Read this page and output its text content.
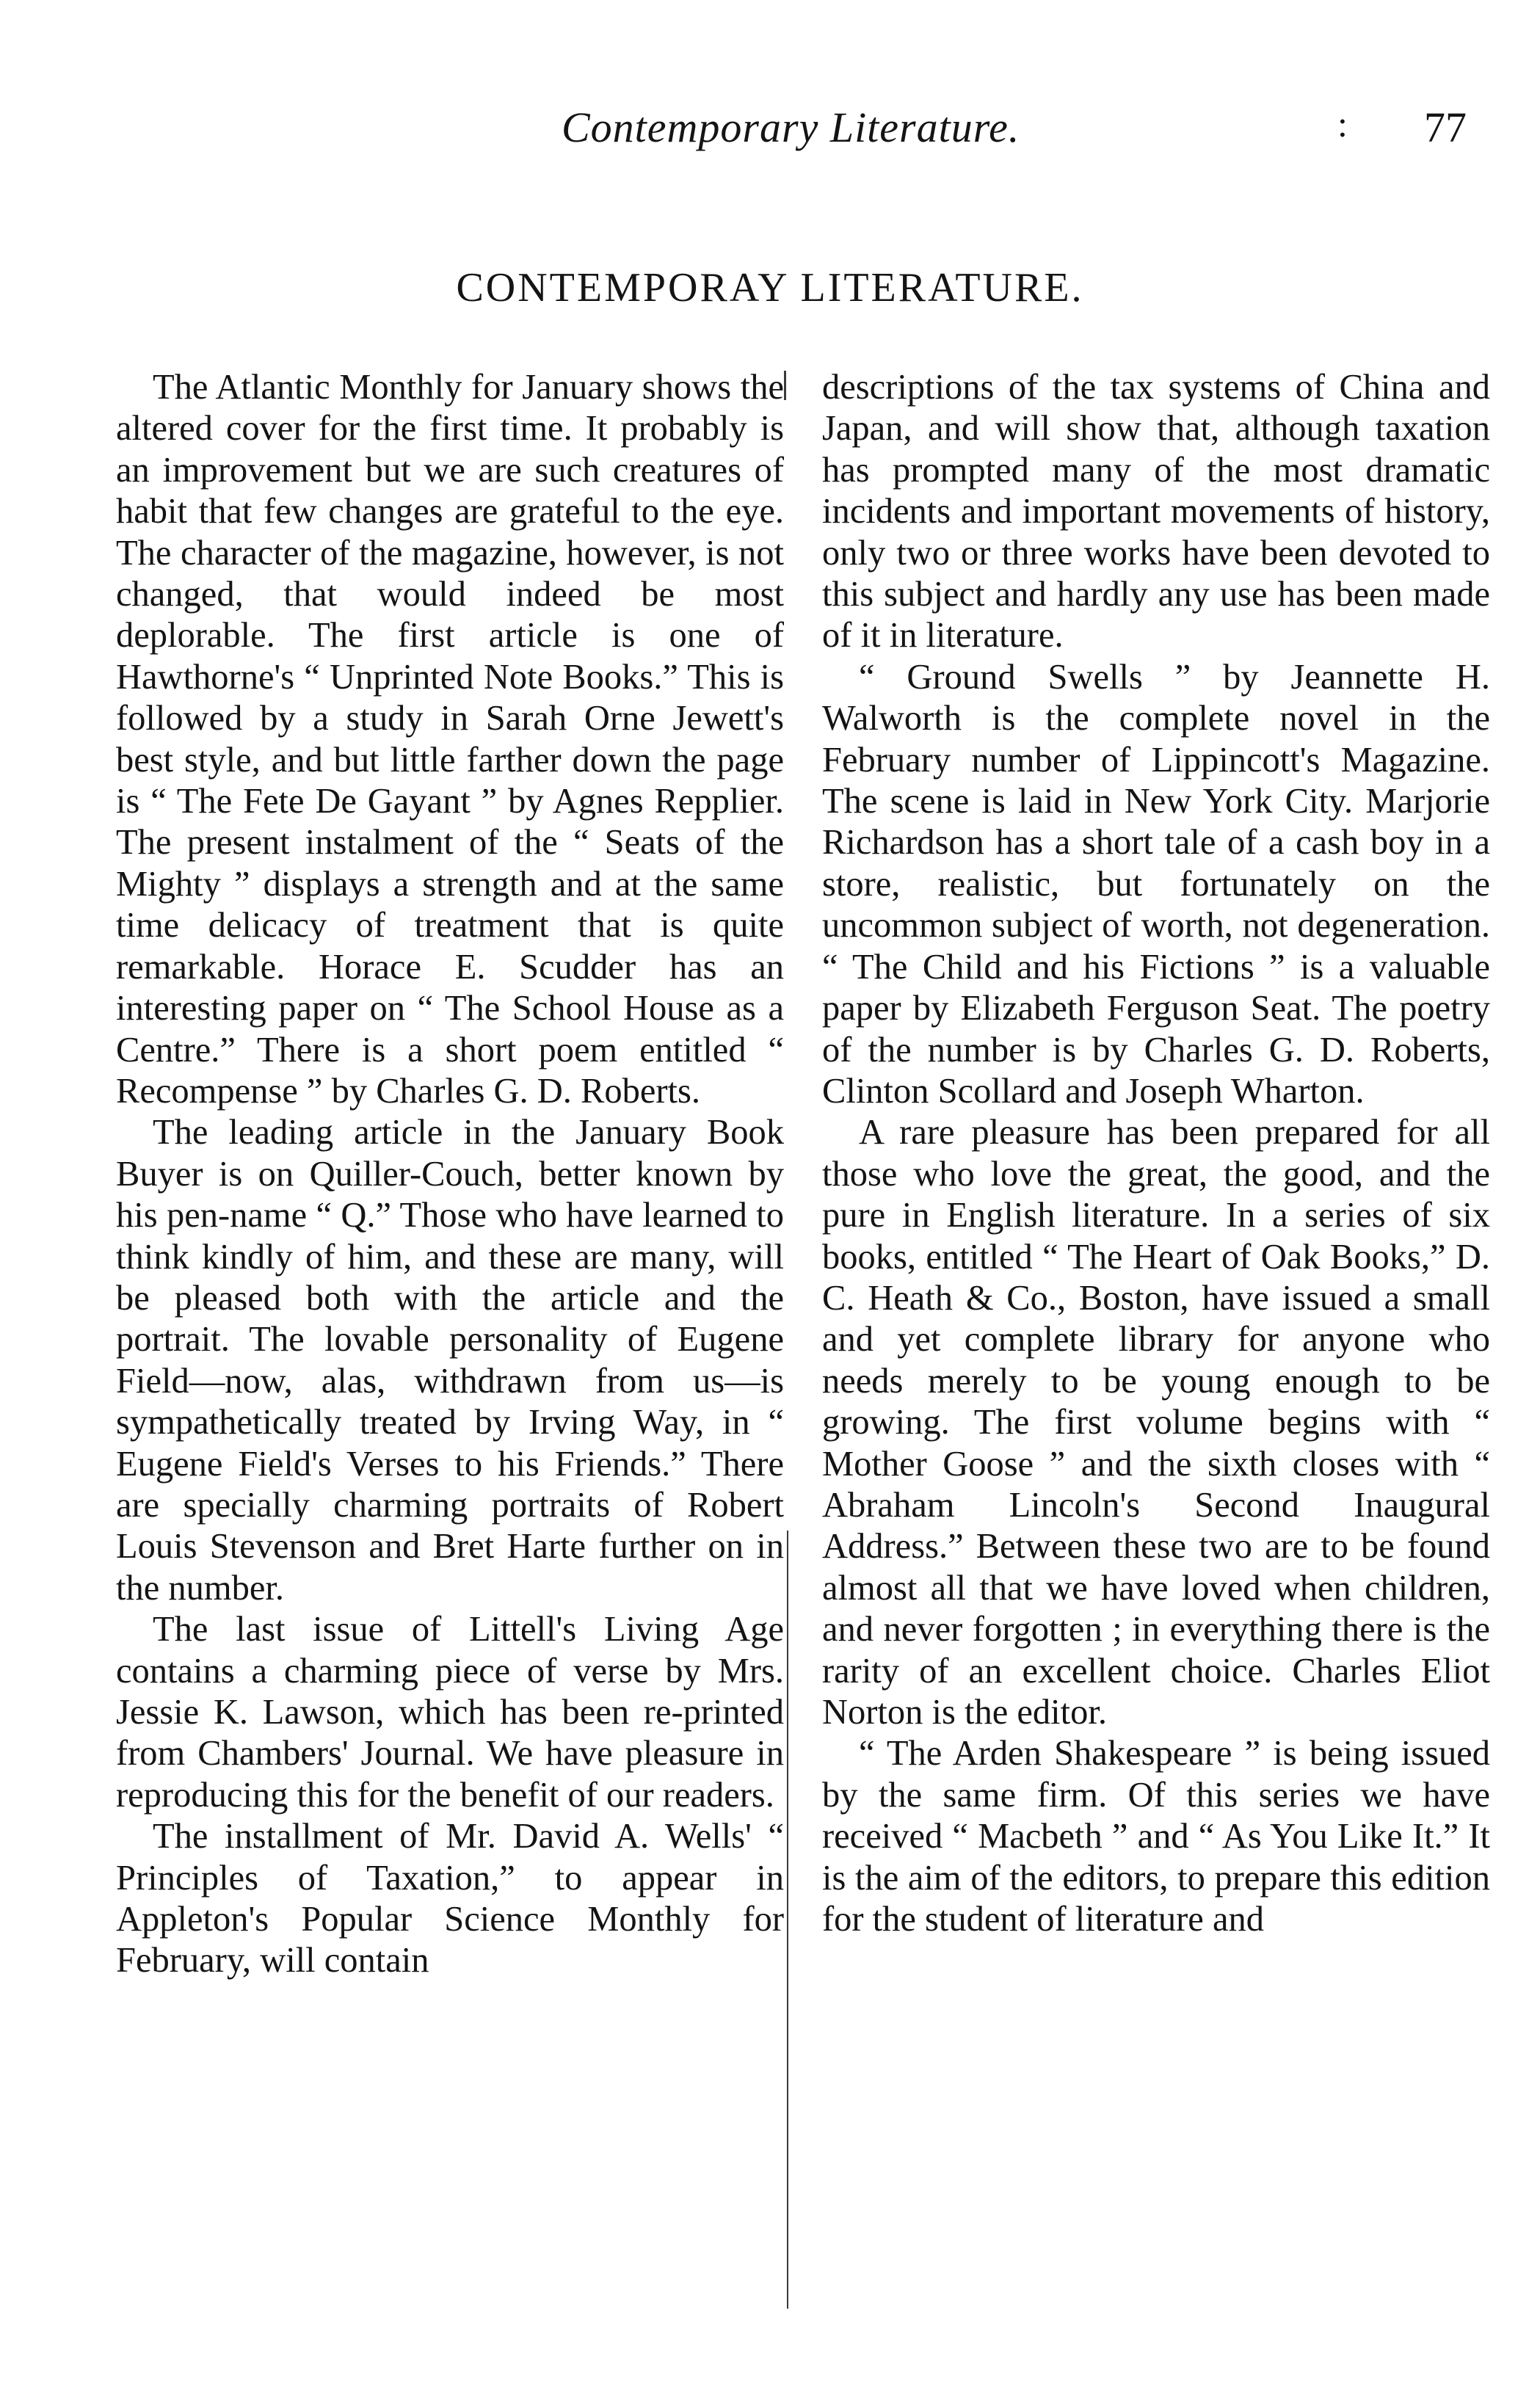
Contemporary Literature.	: 77
CONTEMPORAY LITERATURE.

The Atlantic Monthly for January shows the altered cover for the first time. It probably is an improvement but we are such creatures of habit that few changes are grateful to the eye. The character of the magazine, however, is not changed, that would indeed be most deplorable. The first article is one of Hawthorne's “ Unprinted Note Books.” This is followed by a study in Sarah Orne Jewett's best style, and but little farther down the page is “ The Fete De Gayant ” by Agnes Repplier. The present instalment of the “ Seats of the Mighty ” displays a strength and at the same time delicacy of treatment that is quite remarkable. Horace E. Scudder has an interesting paper on “ The School House as a Centre.” There is a short poem entitled “ Recompense ” by Charles G. D. Roberts.

The leading article in the January Book Buyer is on Quiller-Couch, better known by his pen-name “ Q.” Those who have learned to think kindly of him, and these are many, will be pleased both with the article and the portrait. The lovable personality of Eugene Field—now, alas, withdrawn from us—is sympathetically treated by Irving Way, in “ Eugene Field's Verses to his Friends.” There are specially charming portraits of Robert Louis Stevenson and Bret Harte further on in the number.

The last issue of Littell's Living Age contains a charming piece of verse by Mrs. Jessie K. Lawson, which has been re-printed from Chambers' Journal. We have pleasure in reproducing this for the benefit of our readers.

The installment of Mr. David A. Wells' “ Principles of Taxation,” to appear in Appleton's Popular Science Monthly for February, will contain

descriptions of the tax systems of China and Japan, and will show that, although taxation has prompted many of the most dramatic incidents and important movements of history, only two or three works have been devoted to this subject and hardly any use has been made of it in literature.

“ Ground Swells ” by Jeannette H. Walworth is the complete novel in the February number of Lippincott's Magazine. The scene is laid in New York City. Marjorie Richardson has a short tale of a cash boy in a store, realistic, but fortunately on the uncommon subject of worth, not degeneration. “ The Child and his Fictions ” is a valuable paper by Elizabeth Ferguson Seat. The poetry of the number is by Charles G. D. Roberts, Clinton Scollard and Joseph Wharton.

A rare pleasure has been prepared for all those who love the great, the good, and the pure in English literature. In a series of six books, entitled “ The Heart of Oak Books,” D. C. Heath & Co., Boston, have issued a small and yet complete library for anyone who needs merely to be young enough to be growing. The first volume begins with “ Mother Goose ” and the sixth closes with “ Abraham Lincoln's Second Inaugural Address.” Between these two are to be found almost all that we have loved when children, and never forgotten ; in everything there is the rarity of an excellent choice. Charles Eliot Norton is the editor.

“ The Arden Shakespeare ” is being issued by the same firm. Of this series we have received “ Macbeth ” and “ As You Like It.” It is the aim of the editors, to prepare this edition for the student of literature and
